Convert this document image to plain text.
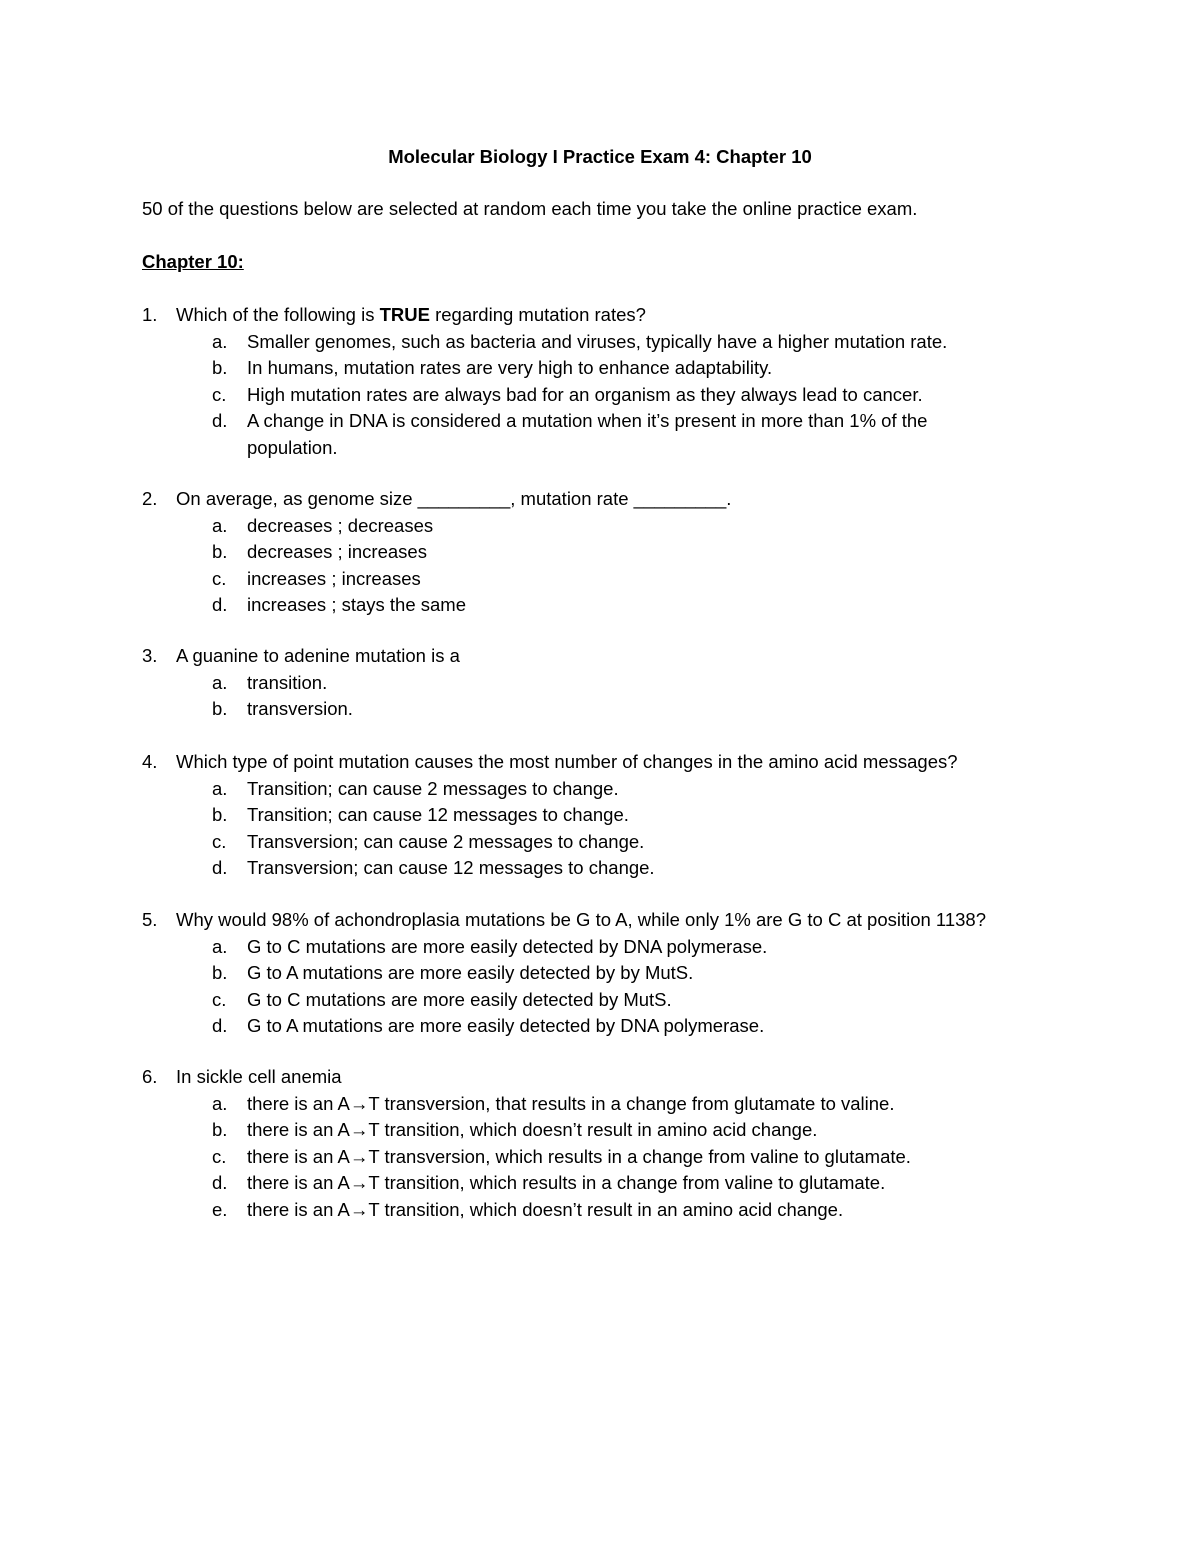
Molecular Biology I Practice Exam 4: Chapter 10
50 of the questions below are selected at random each time you take the online practice exam.
Chapter 10:
1.	Which of the following is TRUE regarding mutation rates?
a.	Smaller genomes, such as bacteria and viruses, typically have a higher mutation rate.
b.	In humans, mutation rates are very high to enhance adaptability.
c.	High mutation rates are always bad for an organism as they always lead to cancer.
d.	A change in DNA is considered a mutation when it’s present in more than 1% of the
population.
2.	On average, as genome size _________, mutation rate _________.
a.	decreases ; decreases
b.	decreases ; increases
c.	increases ; increases
d.	increases ; stays the same
3.	A guanine to adenine mutation is a
a.	transition.
b.	transversion.
4.	Which type of point mutation causes the most number of changes in the amino acid messages?
a.	Transition; can cause 2 messages to change.
b.	Transition; can cause 12 messages to change.
c.	Transversion; can cause 2 messages to change.
d.	Transversion; can cause 12 messages to change.
5.	Why would 98% of achondroplasia mutations be G to A, while only 1% are G to C at position 1138?
a.	G to C mutations are more easily detected by DNA polymerase.
b.	G to A mutations are more easily detected by by MutS.
c.	G to C mutations are more easily detected by MutS.
d.	G to A mutations are more easily detected by DNA polymerase.
6.	In sickle cell anemia
a.	there is an A→T transversion, that results in a change from glutamate to valine.
b.	there is an A→T transition, which doesn’t result in amino acid change.
c.	there is an A→T transversion, which results in a change from valine to glutamate.
d.	there is an A→T transition, which results in a change from valine to glutamate.
e.	there is an A→T transition, which doesn’t result in an amino acid change.
